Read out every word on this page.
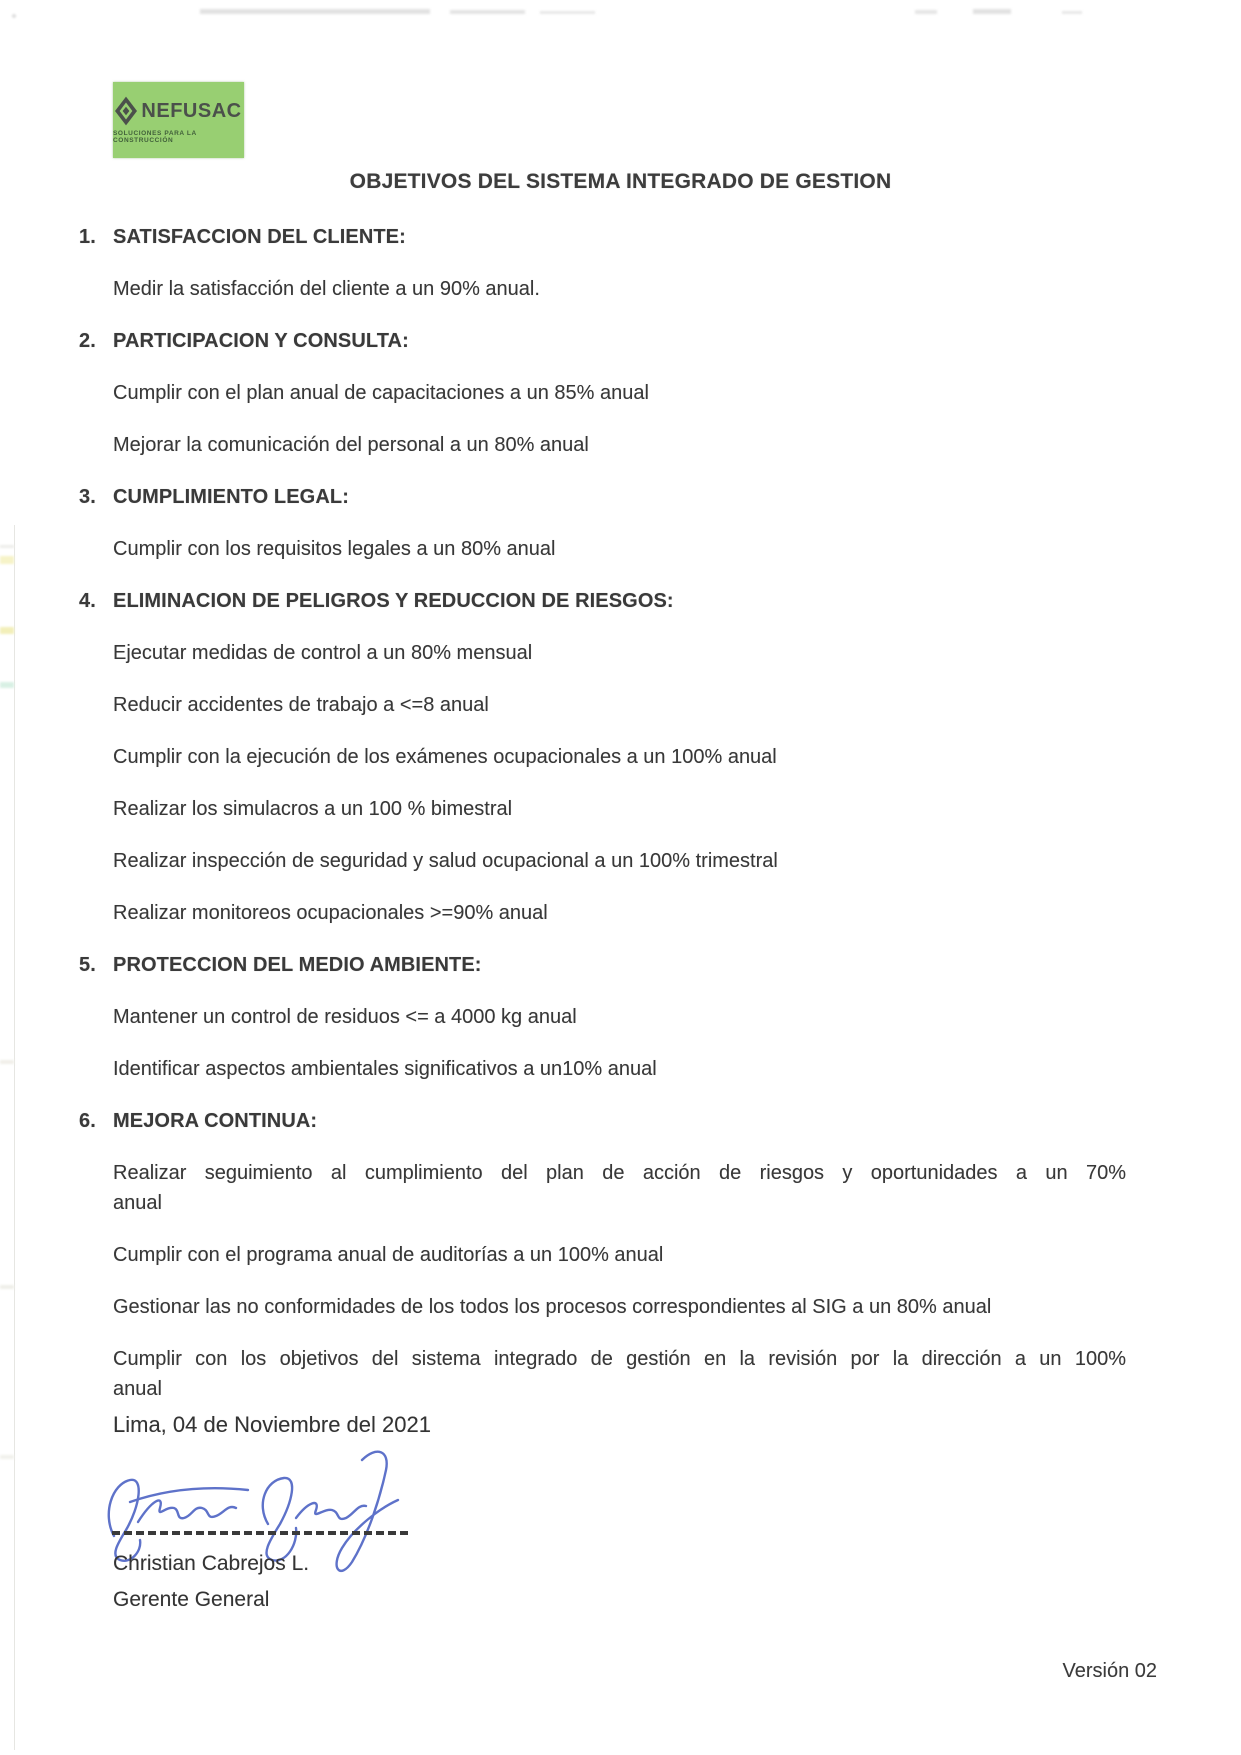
NEFUSAC
SOLUCIONES PARA LA CONSTRUCCIÓN
OBJETIVOS DEL SISTEMA INTEGRADO DE GESTION
1. SATISFACCION DEL CLIENTE:

Medir la satisfacción del cliente a un 90% anual.

2. PARTICIPACION Y CONSULTA:

Cumplir con el plan anual de capacitaciones a un 85% anual

Mejorar la comunicación del personal a un 80% anual

3. CUMPLIMIENTO LEGAL:

Cumplir con los requisitos legales a un 80% anual

4. ELIMINACION DE PELIGROS Y REDUCCION DE RIESGOS:

Ejecutar medidas de control a un 80% mensual

Reducir accidentes de trabajo a <=8 anual

Cumplir con la ejecución de los exámenes ocupacionales a un 100% anual

Realizar los simulacros a un 100 % bimestral

Realizar inspección de seguridad y salud ocupacional a un 100% trimestral

Realizar monitoreos ocupacionales >=90% anual

5. PROTECCION DEL MEDIO AMBIENTE:

Mantener un control de residuos <= a 4000 kg anual

Identificar aspectos ambientales significativos a un10% anual

6. MEJORA CONTINUA:

Realizar seguimiento al cumplimiento del plan de acción de riesgos y oportunidades a un 70%
anual

Cumplir con el programa anual de auditorías a un 100% anual

Gestionar las no conformidades de los todos los procesos correspondientes al SIG a un 80% anual

Cumplir con los objetivos del sistema integrado de gestión en la revisión por la dirección a un 100%
anual

Lima, 04 de Noviembre del 2021
Christian Cabrejos L.
Gerente General
Versión 02
